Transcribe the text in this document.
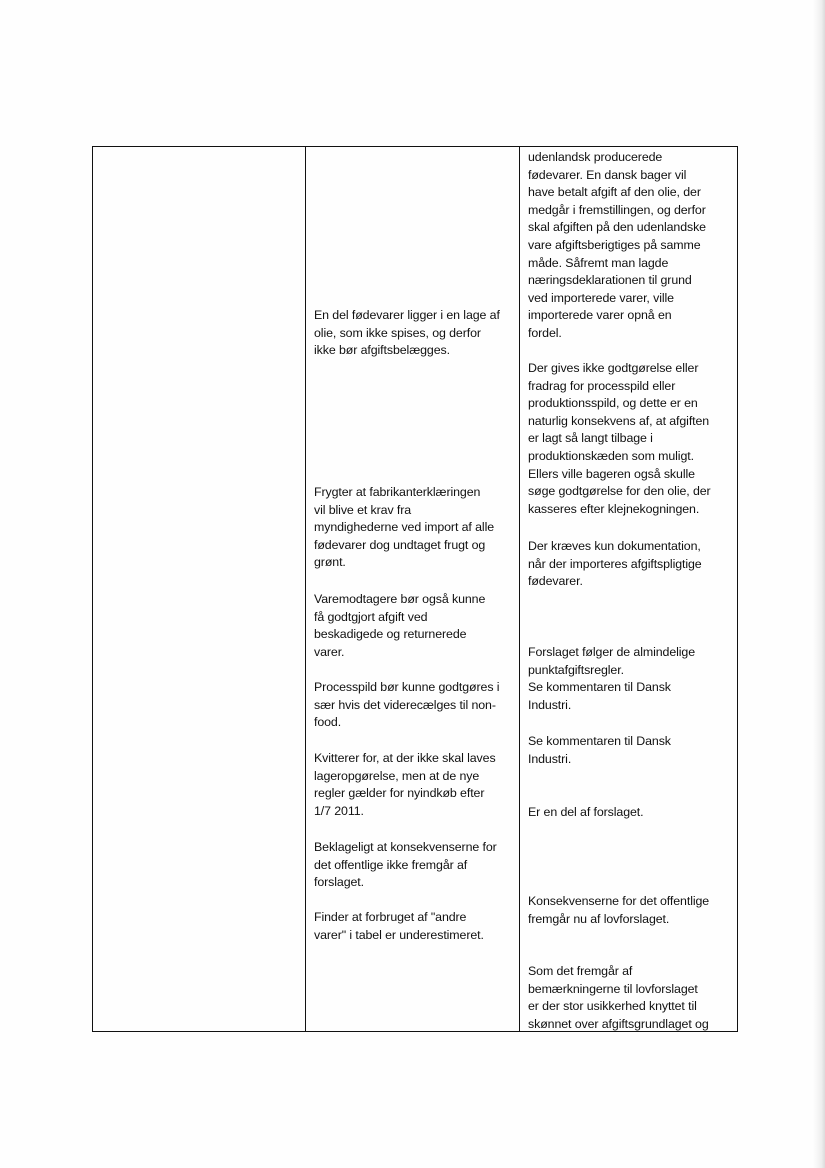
En del fødevarer ligger i en lage af
olie, som ikke spises, og derfor
ikke bør afgiftsbelægges.
Frygter at fabrikanterklæringen
vil blive et krav fra
myndighederne ved import af alle
fødevarer dog undtaget frugt og
grønt.
Varemodtagere bør også kunne
få godtgjort afgift ved
beskadigede og returnerede
varer.
Processpild bør kunne godtgøres i
sær hvis det viderесælges til non-
food.
Kvitterer for, at der ikke skal laves
lageropgørelse, men at de nye
regler gælder for nyindkøb efter
1/7 2011.
Beklageligt at konsekvenserne for
det offentlige ikke fremgår af
forslaget.
Finder at forbruget af "andre
varer" i tabel er underestimeret.
udenlandsk producerede
fødevarer. En dansk bager vil
have betalt afgift af den olie, der
medgår i fremstillingen, og derfor
skal afgiften på den udenlandske
vare afgiftsberigtiges på samme
måde. Såfremt man lagde
næringsdeklarationen til grund
ved importerede varer, ville
importerede varer opnå en
fordel.
Der gives ikke godtgørelse eller
fradrag for processpild eller
produktionsspild, og dette er en
naturlig konsekvens af, at afgiften
er lagt så langt tilbage i
produktionskæden som muligt.
Ellers ville bageren også skulle
søge godtgørelse for den olie, der
kasseres efter klejnekogningen.
Der kræves kun dokumentation,
når der importeres afgiftspligtige
fødevarer.
Forslaget følger de almindelige
punktafgiftsregler.
Se kommentaren til Dansk
Industri.
Se kommentaren til Dansk
Industri.
Er en del af forslaget.
Konsekvenserne for det offentlige
fremgår nu af lovforslaget.
Som det fremgår af
bemærkningerne til lovforslaget
er der stor usikkerhed knyttet til
skønnet over afgiftsgrundlaget og
